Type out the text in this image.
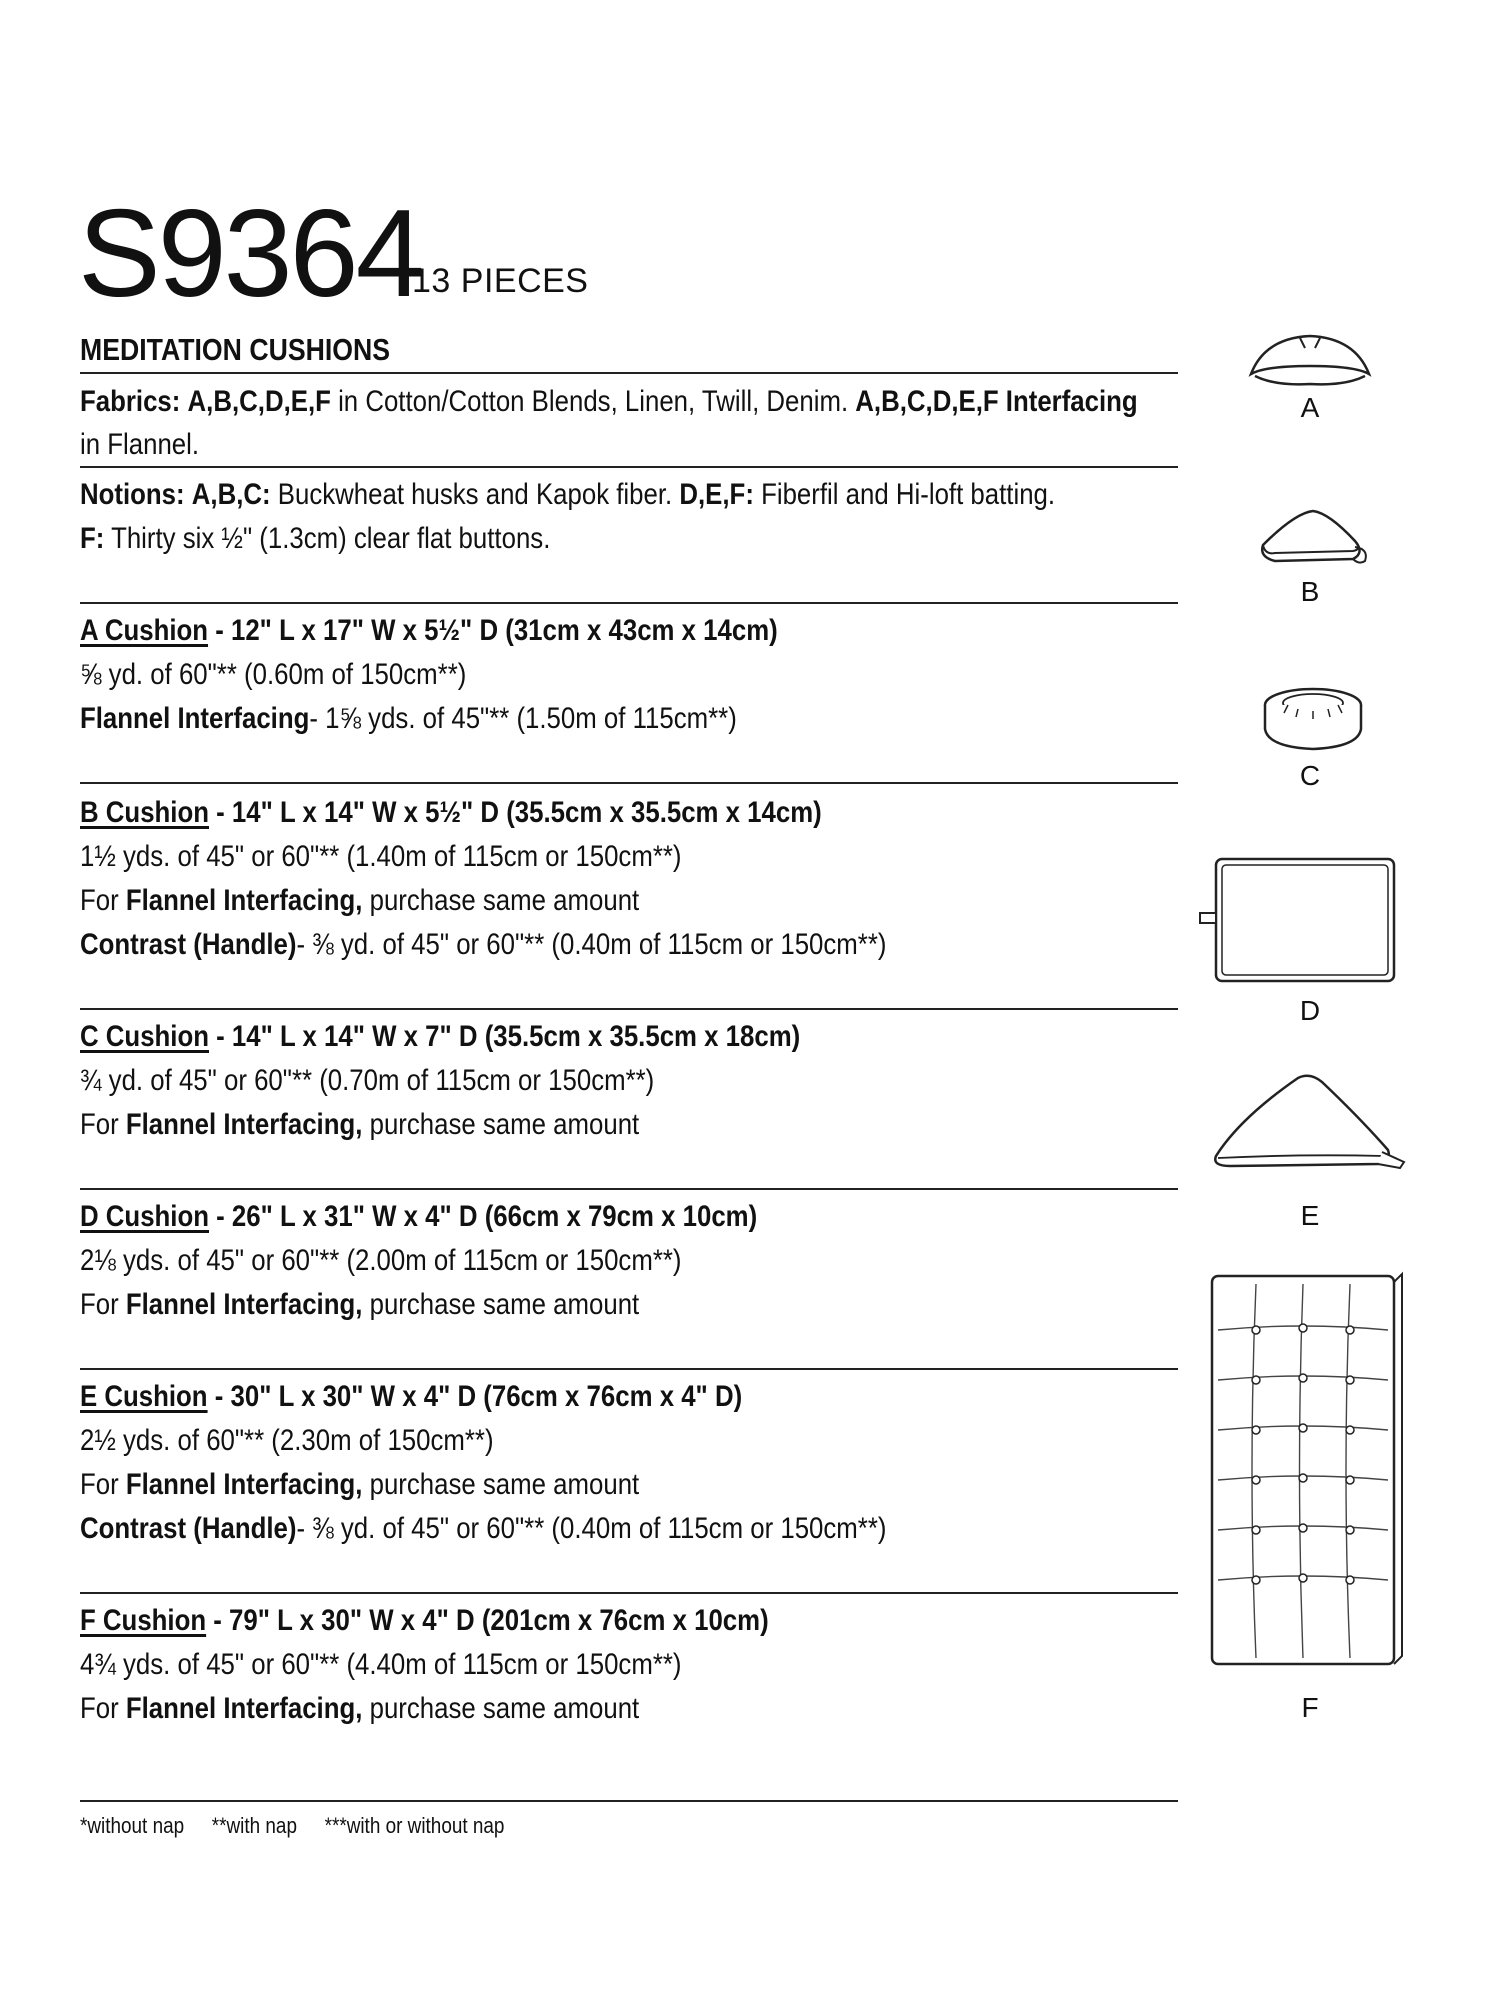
S9364
13 PIECES
MEDITATION CUSHIONS
Fabrics: A,B,C,D,E,F in Cotton/Cotton Blends, Linen, Twill, Denim. A,B,C,D,E,F Interfacing
in Flannel.
Notions: A,B,C: Buckwheat husks and Kapok fiber. D,E,F: Fiberfil and Hi-loft batting.
F: Thirty six ½" (1.3cm) clear flat buttons.
A Cushion - 12" L x 17" W x 5½" D (31cm x 43cm x 14cm)
⅝ yd. of 60"** (0.60m of 150cm**)
Flannel Interfacing- 1⅝ yds. of 45"** (1.50m of 115cm**)
B Cushion - 14" L x 14" W x 5½" D (35.5cm x 35.5cm x 14cm)
1½ yds. of 45" or 60"** (1.40m of 115cm or 150cm**)
For Flannel Interfacing, purchase same amount
Contrast (Handle)- ⅜ yd. of 45" or 60"** (0.40m of 115cm or 150cm**)
C Cushion - 14" L x 14" W x 7" D (35.5cm x 35.5cm x 18cm)
¾ yd. of 45" or 60"** (0.70m of 115cm or 150cm**)
For Flannel Interfacing, purchase same amount
D Cushion - 26" L x 31" W x 4" D (66cm x 79cm x 10cm)
2⅛ yds. of 45" or 60"** (2.00m of 115cm or 150cm**)
For Flannel Interfacing, purchase same amount
E Cushion - 30" L x 30" W x 4" D (76cm x 76cm x 4" D)
2½ yds. of 60"** (2.30m of 150cm**)
For Flannel Interfacing, purchase same amount
Contrast (Handle)- ⅜ yd. of 45" or 60"** (0.40m of 115cm or 150cm**)
F Cushion - 79" L x 30" W x 4" D (201cm x 76cm x 10cm)
4¾ yds. of 45" or 60"** (4.40m of 115cm or 150cm**)
For Flannel Interfacing, purchase same amount
*without nap **with nap ***with or without nap
A
B
C
D
E
F
